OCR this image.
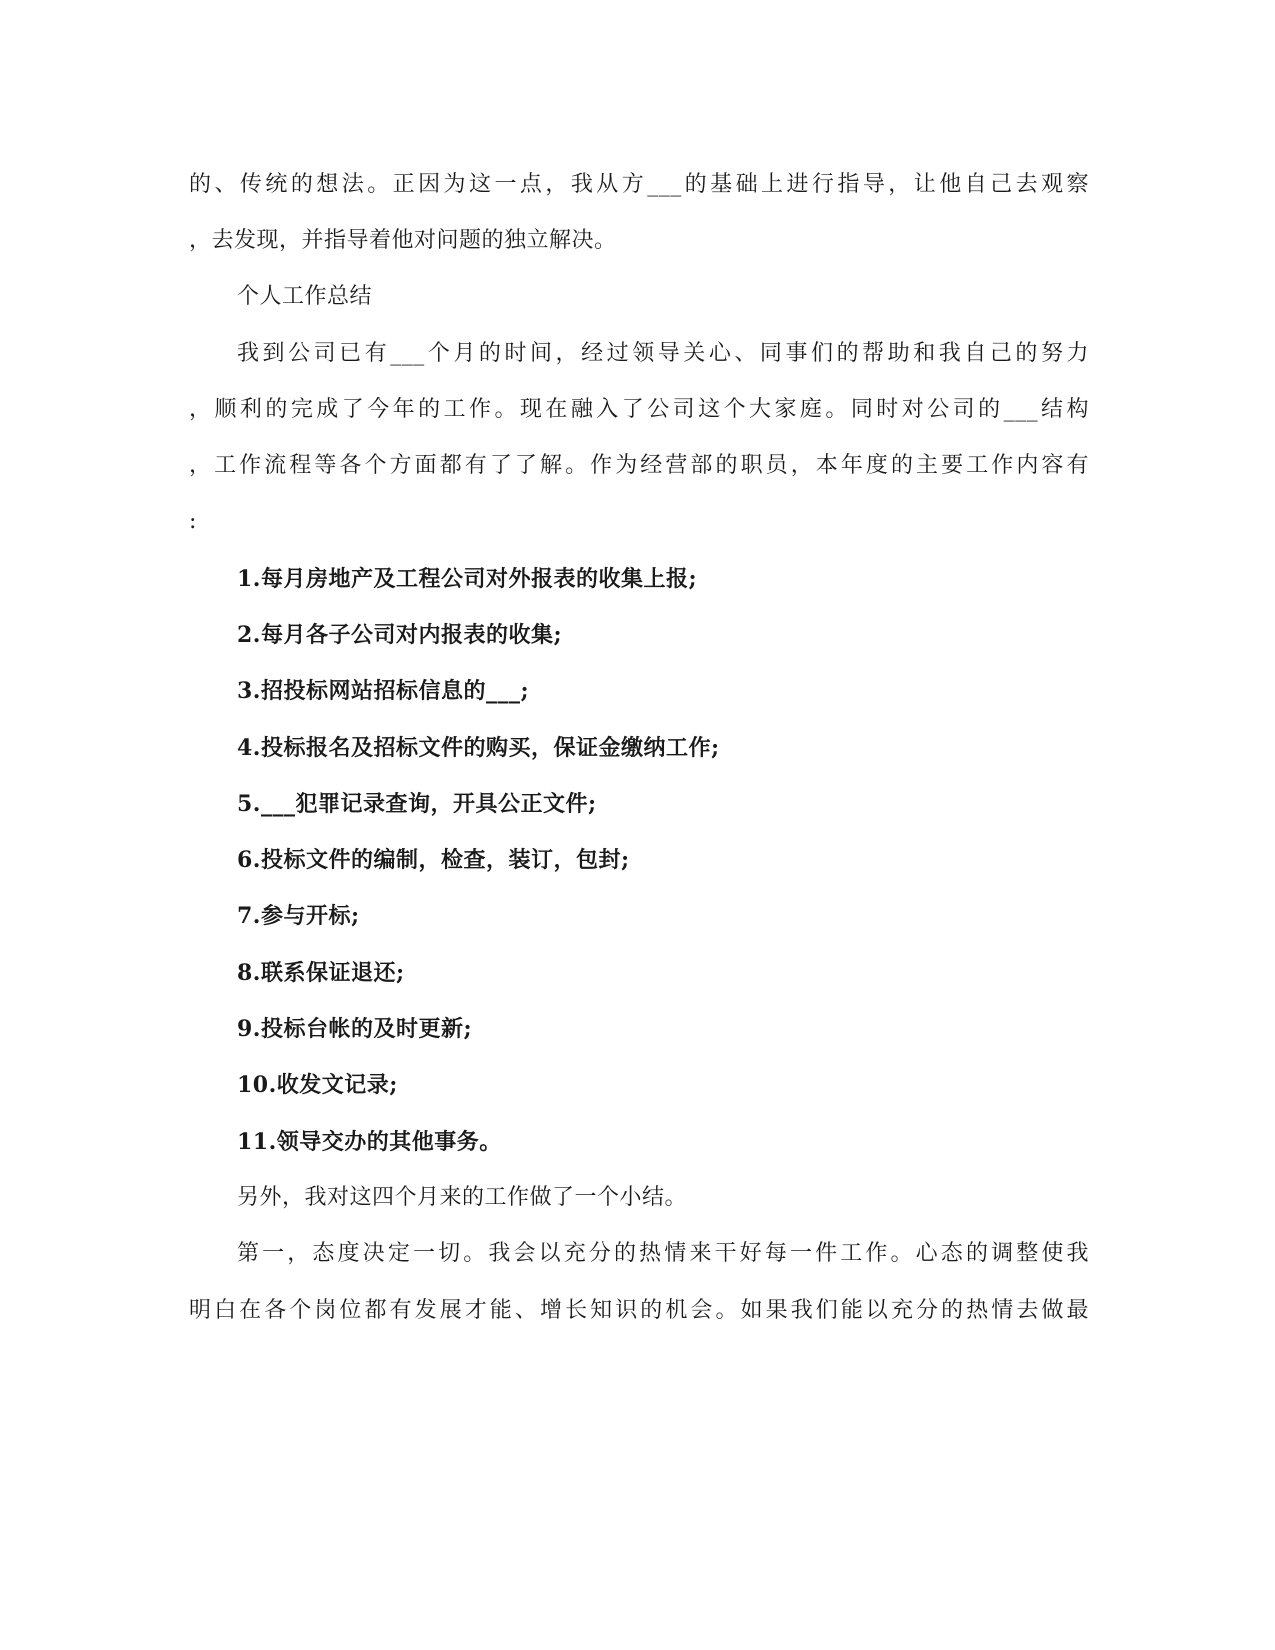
的、传统的想法。正因为这一点，我从方___的基础上进行指导，让他自己去观察
，去发现，并指导着他对问题的独立解决。
个人工作总结
我到公司已有___个月的时间，经过领导关心、同事们的帮助和我自己的努力
，顺利的完成了今年的工作。现在融入了公司这个大家庭。同时对公司的___结构
，工作流程等各个方面都有了了解。作为经营部的职员，本年度的主要工作内容有
:
1.每月房地产及工程公司对外报表的收集上报;
2.每月各子公司对内报表的收集;
3.招投标网站招标信息的___;
4.投标报名及招标文件的购买，保证金缴纳工作;
5.___犯罪记录查询，开具公正文件;
6.投标文件的编制，检查，装订，包封;
7.参与开标;
8.联系保证退还;
9.投标台帐的及时更新;
10.收发文记录;
11.领导交办的其他事务。
另外，我对这四个月来的工作做了一个小结。
第一，态度决定一切。我会以充分的热情来干好每一件工作。心态的调整使我
明白在各个岗位都有发展才能、增长知识的机会。如果我们能以充分的热情去做最
